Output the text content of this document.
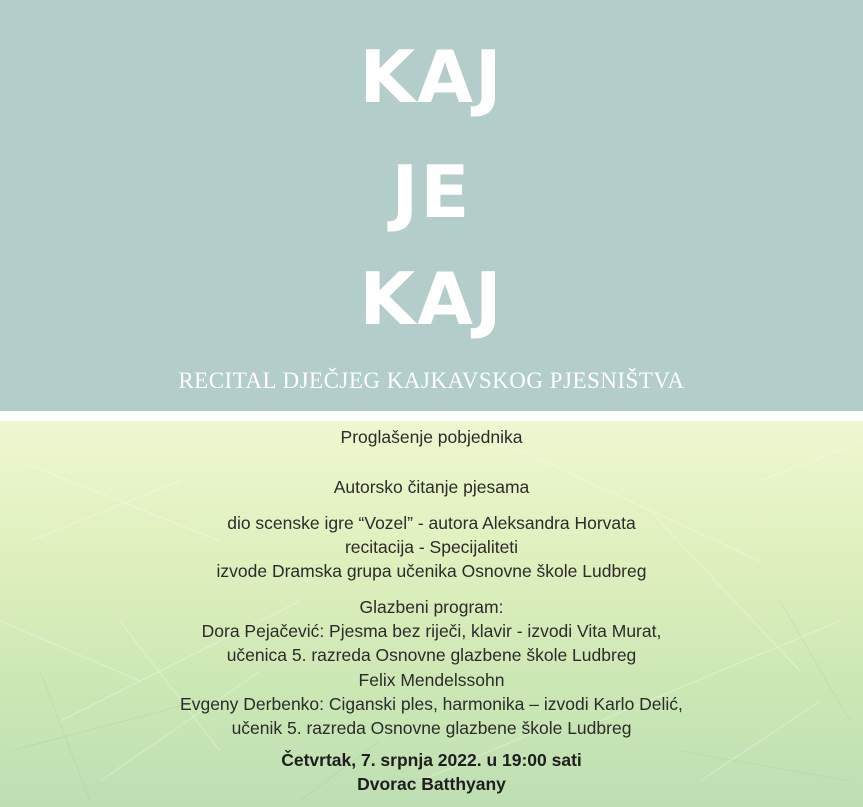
KAJ
JE
KAJ
RECITAL DJEČJEG KAJKAVSKOG PJESNIŠTVA
Proglašenje pobjednika
Autorsko čitanje pjesama
dio scenske igre “Vozel” - autora Aleksandra Horvata
recitacija - Specijaliteti
izvode Dramska grupa učenika Osnovne škole Ludbreg
Glazbeni program:
Dora Pejačević: Pjesma bez riječi, klavir - izvodi Vita Murat,
učenica 5. razreda Osnovne glazbene škole Ludbreg
Felix Mendelssohn
Evgeny Derbenko: Ciganski ples, harmonika – izvodi Karlo Delić,
učenik 5. razreda Osnovne glazbene škole Ludbreg
Četvrtak, 7. srpnja 2022. u 19:00 sati
Dvorac Batthyany
